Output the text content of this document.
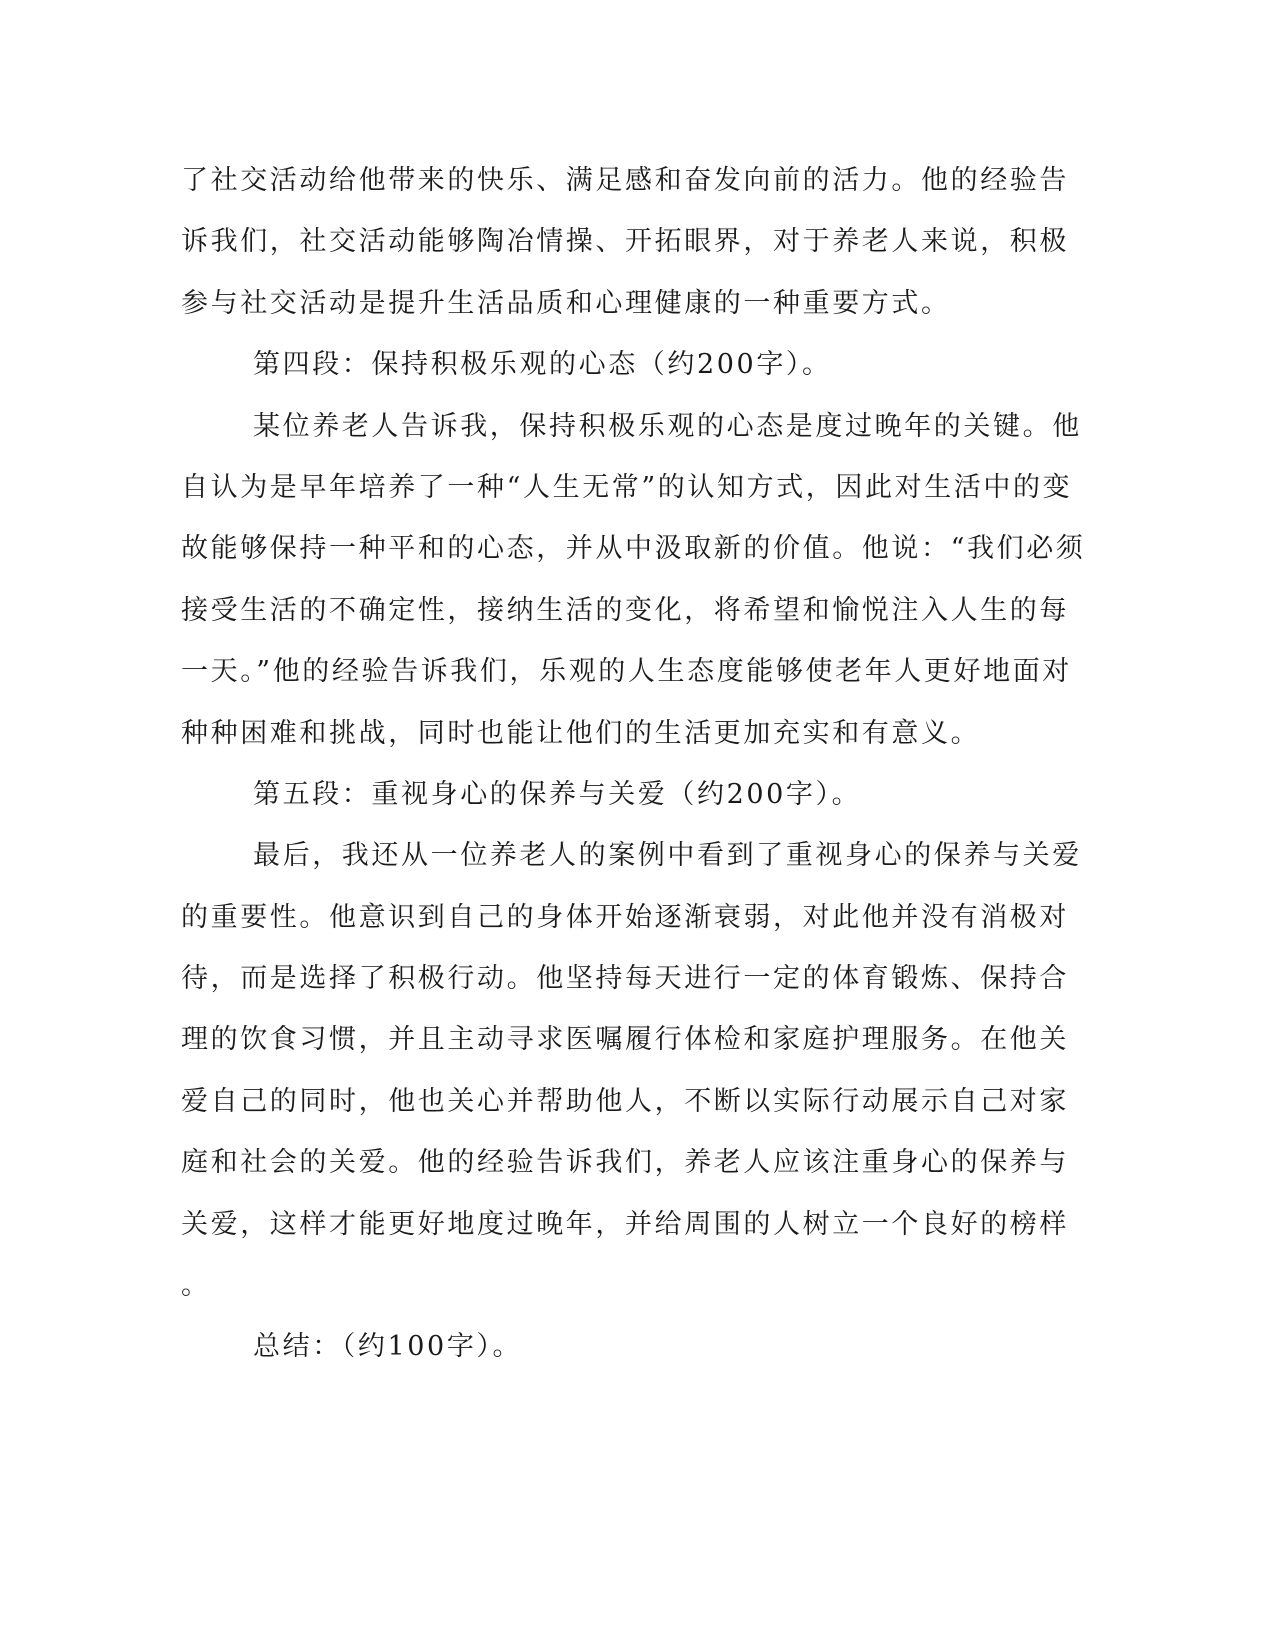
了社交活动给他带来的快乐、满足感和奋发向前的活力。他的经验告
诉我们，社交活动能够陶冶情操、开拓眼界，对于养老人来说，积极
参与社交活动是提升生活品质和心理健康的一种重要方式。
第四段：保持积极乐观的心态（约200字）。
某位养老人告诉我，保持积极乐观的心态是度过晚年的关键。他
自认为是早年培养了一种“人生无常”的认知方式，因此对生活中的变
故能够保持一种平和的心态，并从中汲取新的价值。他说：“我们必须
接受生活的不确定性，接纳生活的变化，将希望和愉悦注入人生的每
一天。”他的经验告诉我们，乐观的人生态度能够使老年人更好地面对
种种困难和挑战，同时也能让他们的生活更加充实和有意义。
第五段：重视身心的保养与关爱（约200字）。
最后，我还从一位养老人的案例中看到了重视身心的保养与关爱
的重要性。他意识到自己的身体开始逐渐衰弱，对此他并没有消极对
待，而是选择了积极行动。他坚持每天进行一定的体育锻炼、保持合
理的饮食习惯，并且主动寻求医嘱履行体检和家庭护理服务。在他关
爱自己的同时，他也关心并帮助他人，不断以实际行动展示自己对家
庭和社会的关爱。他的经验告诉我们，养老人应该注重身心的保养与
关爱，这样才能更好地度过晚年，并给周围的人树立一个良好的榜样
。
总结：（约100字）。
